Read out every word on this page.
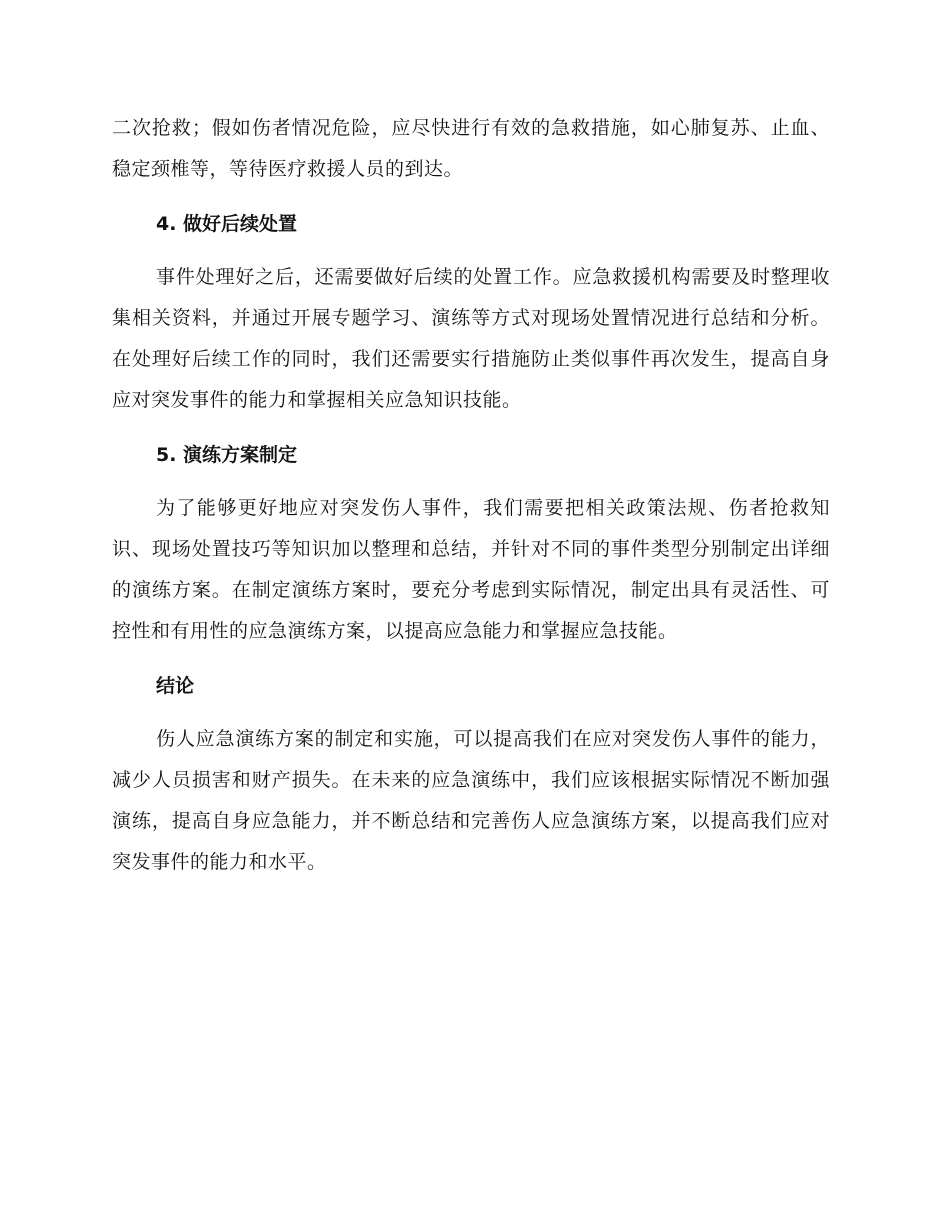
二次抢救；假如伤者情况危险，应尽快进行有效的急救措施，如心肺复苏、止血、稳定颈椎等，等待医疗救援人员的到达。

4. 做好后续处置

事件处理好之后，还需要做好后续的处置工作。应急救援机构需要及时整理收集相关资料，并通过开展专题学习、演练等方式对现场处置情况进行总结和分析。在处理好后续工作的同时，我们还需要实行措施防止类似事件再次发生，提高自身应对突发事件的能力和掌握相关应急知识技能。

5. 演练方案制定

为了能够更好地应对突发伤人事件，我们需要把相关政策法规、伤者抢救知识、现场处置技巧等知识加以整理和总结，并针对不同的事件类型分别制定出详细的演练方案。在制定演练方案时，要充分考虑到实际情况，制定出具有灵活性、可控性和有用性的应急演练方案，以提高应急能力和掌握应急技能。

结论

伤人应急演练方案的制定和实施，可以提高我们在应对突发伤人事件的能力，减少人员损害和财产损失。在未来的应急演练中，我们应该根据实际情况不断加强演练，提高自身应急能力，并不断总结和完善伤人应急演练方案，以提高我们应对突发事件的能力和水平。
